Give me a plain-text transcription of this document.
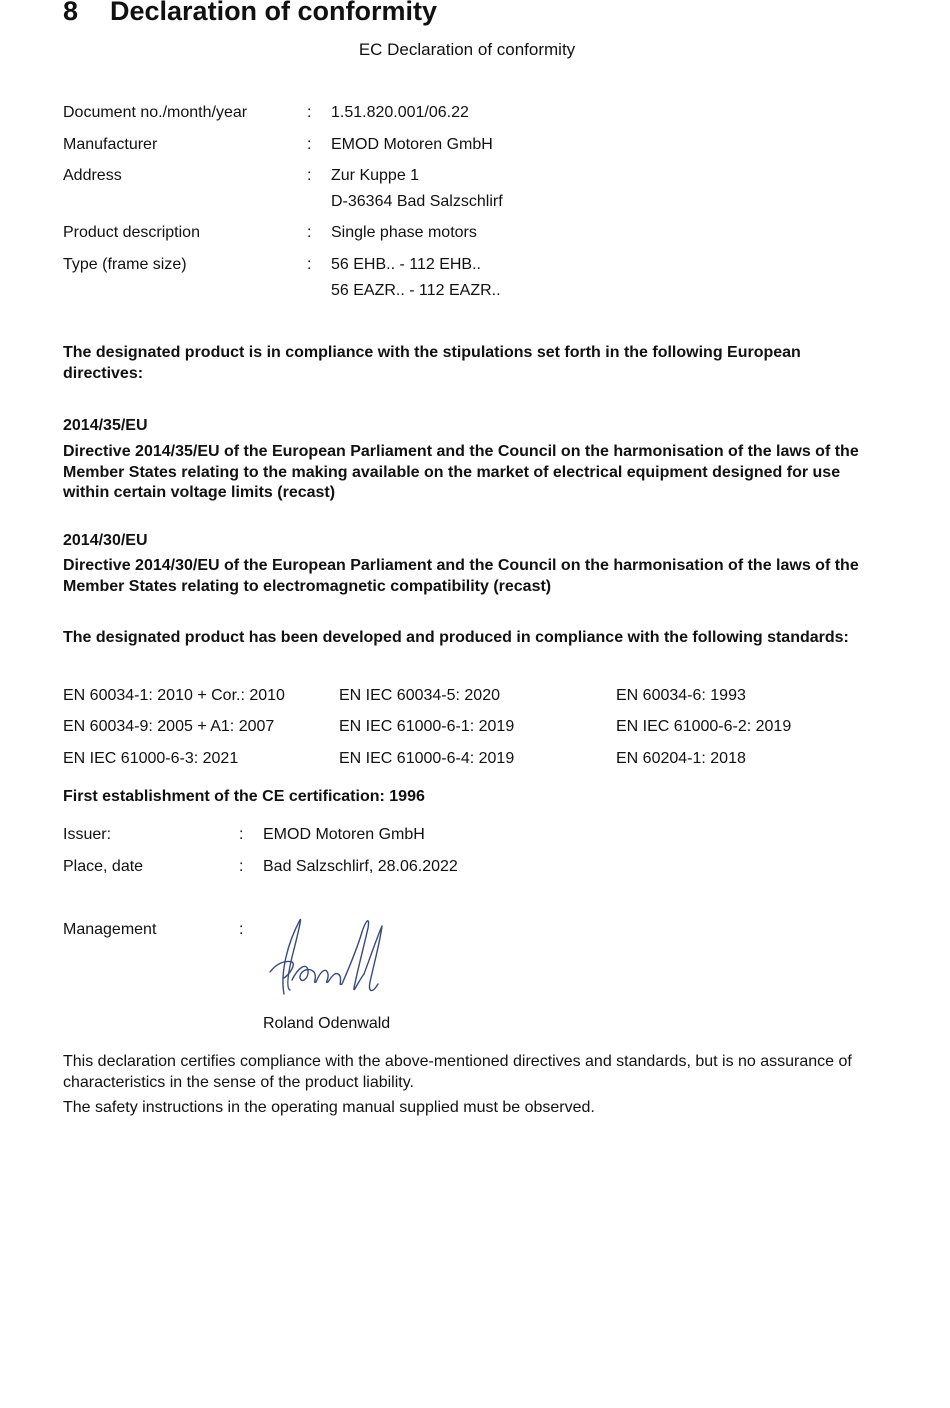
8 Declaration of conformity
EC Declaration of conformity
Document no./month/year	: 1.51.820.001/06.22
Manufacturer	: EMOD Motoren GmbH
Address	: Zur Kuppe 1
D-36364 Bad Salzschlirf
Product description	: Single phase motors
Type (frame size)	: 56 EHB.. - 112 EHB..
56 EAZR.. - 112 EAZR..
The designated product is in compliance with the stipulations set forth in the following European directives:
2014/35/EU
Directive 2014/35/EU of the European Parliament and the Council on the harmonisation of the laws of the Member States relating to the making available on the market of electrical equipment designed for use within certain voltage limits (recast)
2014/30/EU
Directive 2014/30/EU of the European Parliament and the Council on the harmonisation of the laws of the Member States relating to electromagnetic compatibility (recast)
The designated product has been developed and produced in compliance with the following standards:
EN 60034-1: 2010 + Cor.: 2010	EN IEC 60034-5: 2020	EN 60034-6: 1993
EN 60034-9: 2005 + A1: 2007	EN IEC 61000-6-1: 2019	EN IEC 61000-6-2: 2019
EN IEC 61000-6-3: 2021	EN IEC 61000-6-4: 2019	EN 60204-1: 2018
First establishment of the CE certification: 1996
Issuer:	: EMOD Motoren GmbH
Place, date	: Bad Salzschlirf, 28.06.2022
Management	:
Roland Odenwald
This declaration certifies compliance with the above-mentioned directives and standards, but is no assurance of characteristics in the sense of the product liability.
The safety instructions in the operating manual supplied must be observed.
